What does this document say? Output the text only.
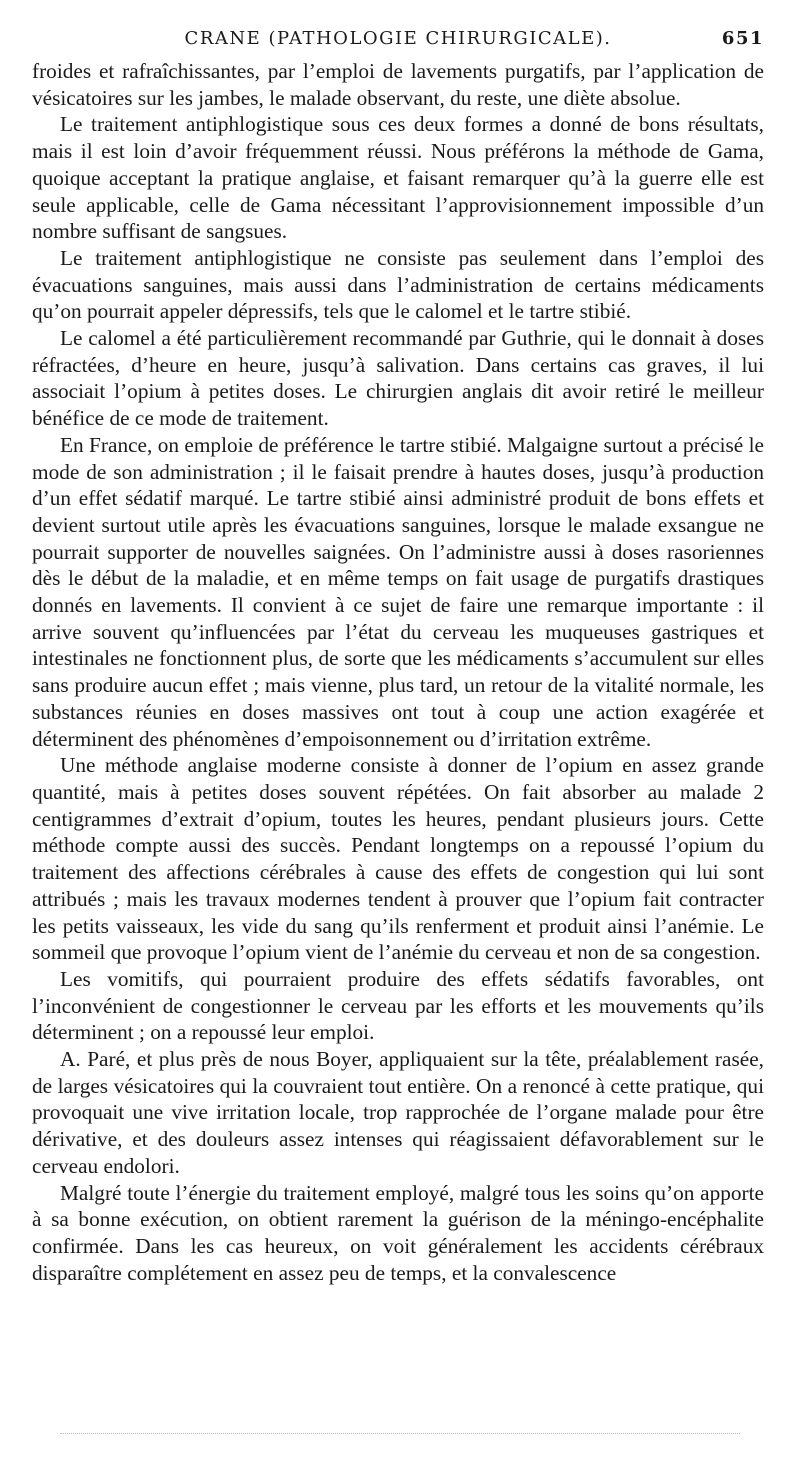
CRANE (PATHOLOGIE CHIRURGICALE).	651

froides et rafraîchissantes, par l’emploi de lavements purgatifs, par l’application de vésicatoires sur les jambes, le malade observant, du reste, une diète absolue.

Le traitement antiphlogistique sous ces deux formes a donné de bons résultats, mais il est loin d’avoir fréquemment réussi. Nous préférons la méthode de Gama, quoique acceptant la pratique anglaise, et faisant remarquer qu’à la guerre elle est seule applicable, celle de Gama nécessitant l’approvisionnement impossible d’un nombre suffisant de sangsues.

Le traitement antiphlogistique ne consiste pas seulement dans l’emploi des évacuations sanguines, mais aussi dans l’administration de certains médicaments qu’on pourrait appeler dépressifs, tels que le calomel et le tartre stibié.

Le calomel a été particulièrement recommandé par Guthrie, qui le donnait à doses réfractées, d’heure en heure, jusqu’à salivation. Dans certains cas graves, il lui associait l’opium à petites doses. Le chirurgien anglais dit avoir retiré le meilleur bénéfice de ce mode de traitement.

En France, on emploie de préférence le tartre stibié. Malgaigne surtout a précisé le mode de son administration ; il le faisait prendre à hautes doses, jusqu’à production d’un effet sédatif marqué. Le tartre stibié ainsi administré produit de bons effets et devient surtout utile après les évacuations sanguines, lorsque le malade exsangue ne pourrait supporter de nouvelles saignées. On l’administre aussi à doses rasoriennes dès le début de la maladie, et en même temps on fait usage de purgatifs drastiques donnés en lavements. Il convient à ce sujet de faire une remarque importante : il arrive souvent qu’influencées par l’état du cerveau les muqueuses gastriques et intestinales ne fonctionnent plus, de sorte que les médicaments s’accumulent sur elles sans produire aucun effet ; mais vienne, plus tard, un retour de la vitalité normale, les substances réunies en doses massives ont tout à coup une action exagérée et déterminent des phénomènes d’empoisonnement ou d’irritation extrême.

Une méthode anglaise moderne consiste à donner de l’opium en assez grande quantité, mais à petites doses souvent répétées. On fait absorber au malade 2 centigrammes d’extrait d’opium, toutes les heures, pendant plusieurs jours. Cette méthode compte aussi des succès. Pendant longtemps on a repoussé l’opium du traitement des affections cérébrales à cause des effets de congestion qui lui sont attribués ; mais les travaux modernes tendent à prouver que l’opium fait contracter les petits vaisseaux, les vide du sang qu’ils renferment et produit ainsi l’anémie. Le sommeil que provoque l’opium vient de l’anémie du cerveau et non de sa congestion.

Les vomitifs, qui pourraient produire des effets sédatifs favorables, ont l’inconvénient de congestionner le cerveau par les efforts et les mouvements qu’ils déterminent ; on a repoussé leur emploi.

A. Paré, et plus près de nous Boyer, appliquaient sur la tête, préalablement rasée, de larges vésicatoires qui la couvraient tout entière. On a renoncé à cette pratique, qui provoquait une vive irritation locale, trop rapprochée de l’organe malade pour être dérivative, et des douleurs assez intenses qui réagissaient défavorablement sur le cerveau endolori.

Malgré toute l’énergie du traitement employé, malgré tous les soins qu’on apporte à sa bonne exécution, on obtient rarement la guérison de la méningo-encéphalite confirmée. Dans les cas heureux, on voit généralement les accidents cérébraux disparaître complétement en assez peu de temps, et la convalescence
